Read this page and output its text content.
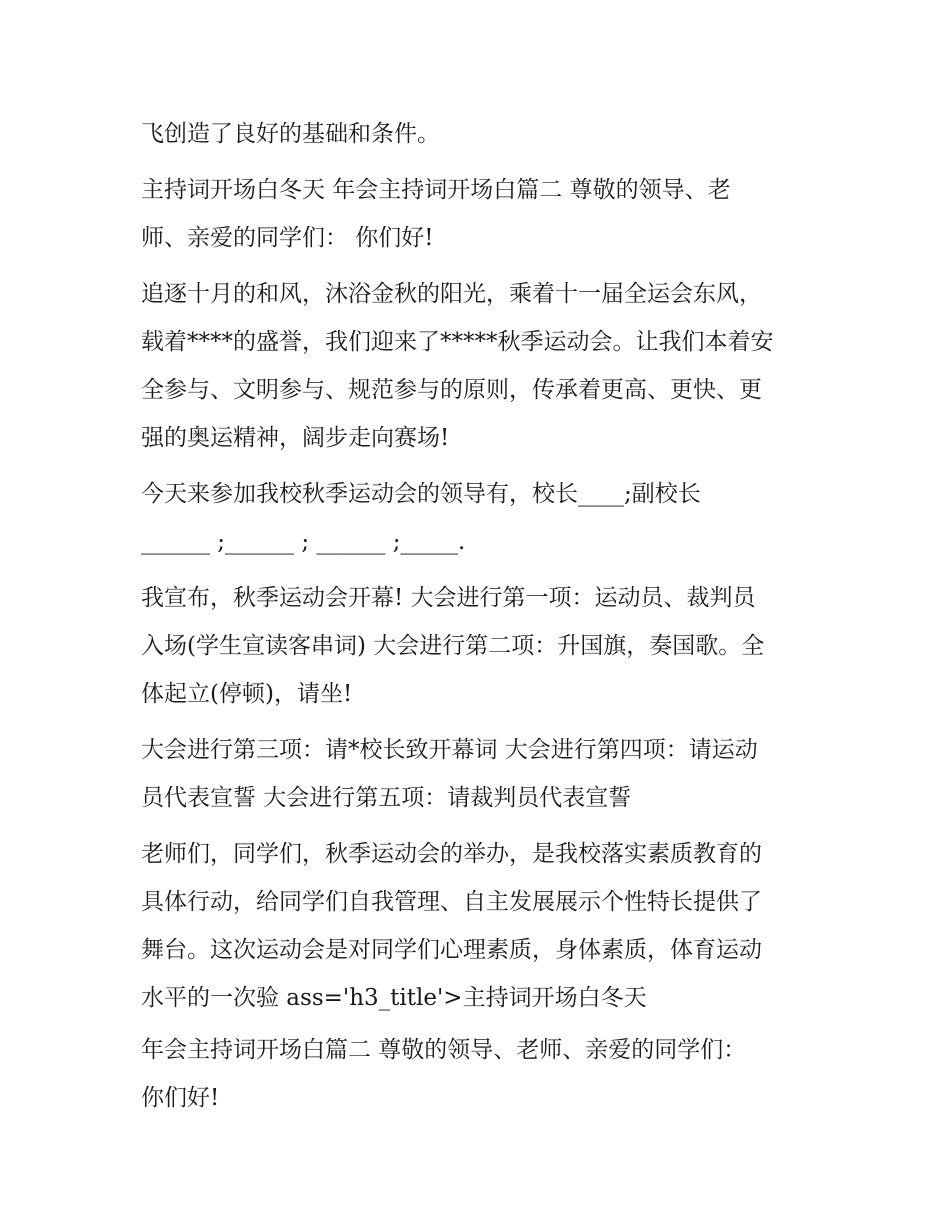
飞创造了良好的基础和条件。
主持词开场白冬天 年会主持词开场白篇二 尊敬的领导、老
师、亲爱的同学们： 你们好!
追逐十月的和风，沐浴金秋的阳光，乘着十一届全运会东风，
载着****的盛誉，我们迎来了*****秋季运动会。让我们本着安
全参与、文明参与、规范参与的原则，传承着更高、更快、更
强的奥运精神，阔步走向赛场!
今天来参加我校秋季运动会的领导有，校长____;副校长
______ ;______ ; ______ ;_____.
我宣布，秋季运动会开幕! 大会进行第一项：运动员、裁判员
入场(学生宣读客串词) 大会进行第二项：升国旗，奏国歌。全
体起立(停顿)，请坐!
大会进行第三项：请*校长致开幕词 大会进行第四项：请运动
员代表宣誓 大会进行第五项：请裁判员代表宣誓
老师们，同学们，秋季运动会的举办，是我校落实素质教育的
具体行动，给同学们自我管理、自主发展展示个性特长提供了
舞台。这次运动会是对同学们心理素质，身体素质，体育运动
水平的一次验 ass='h3_title'>主持词开场白冬天
年会主持词开场白篇二 尊敬的领导、老师、亲爱的同学们：
你们好!
